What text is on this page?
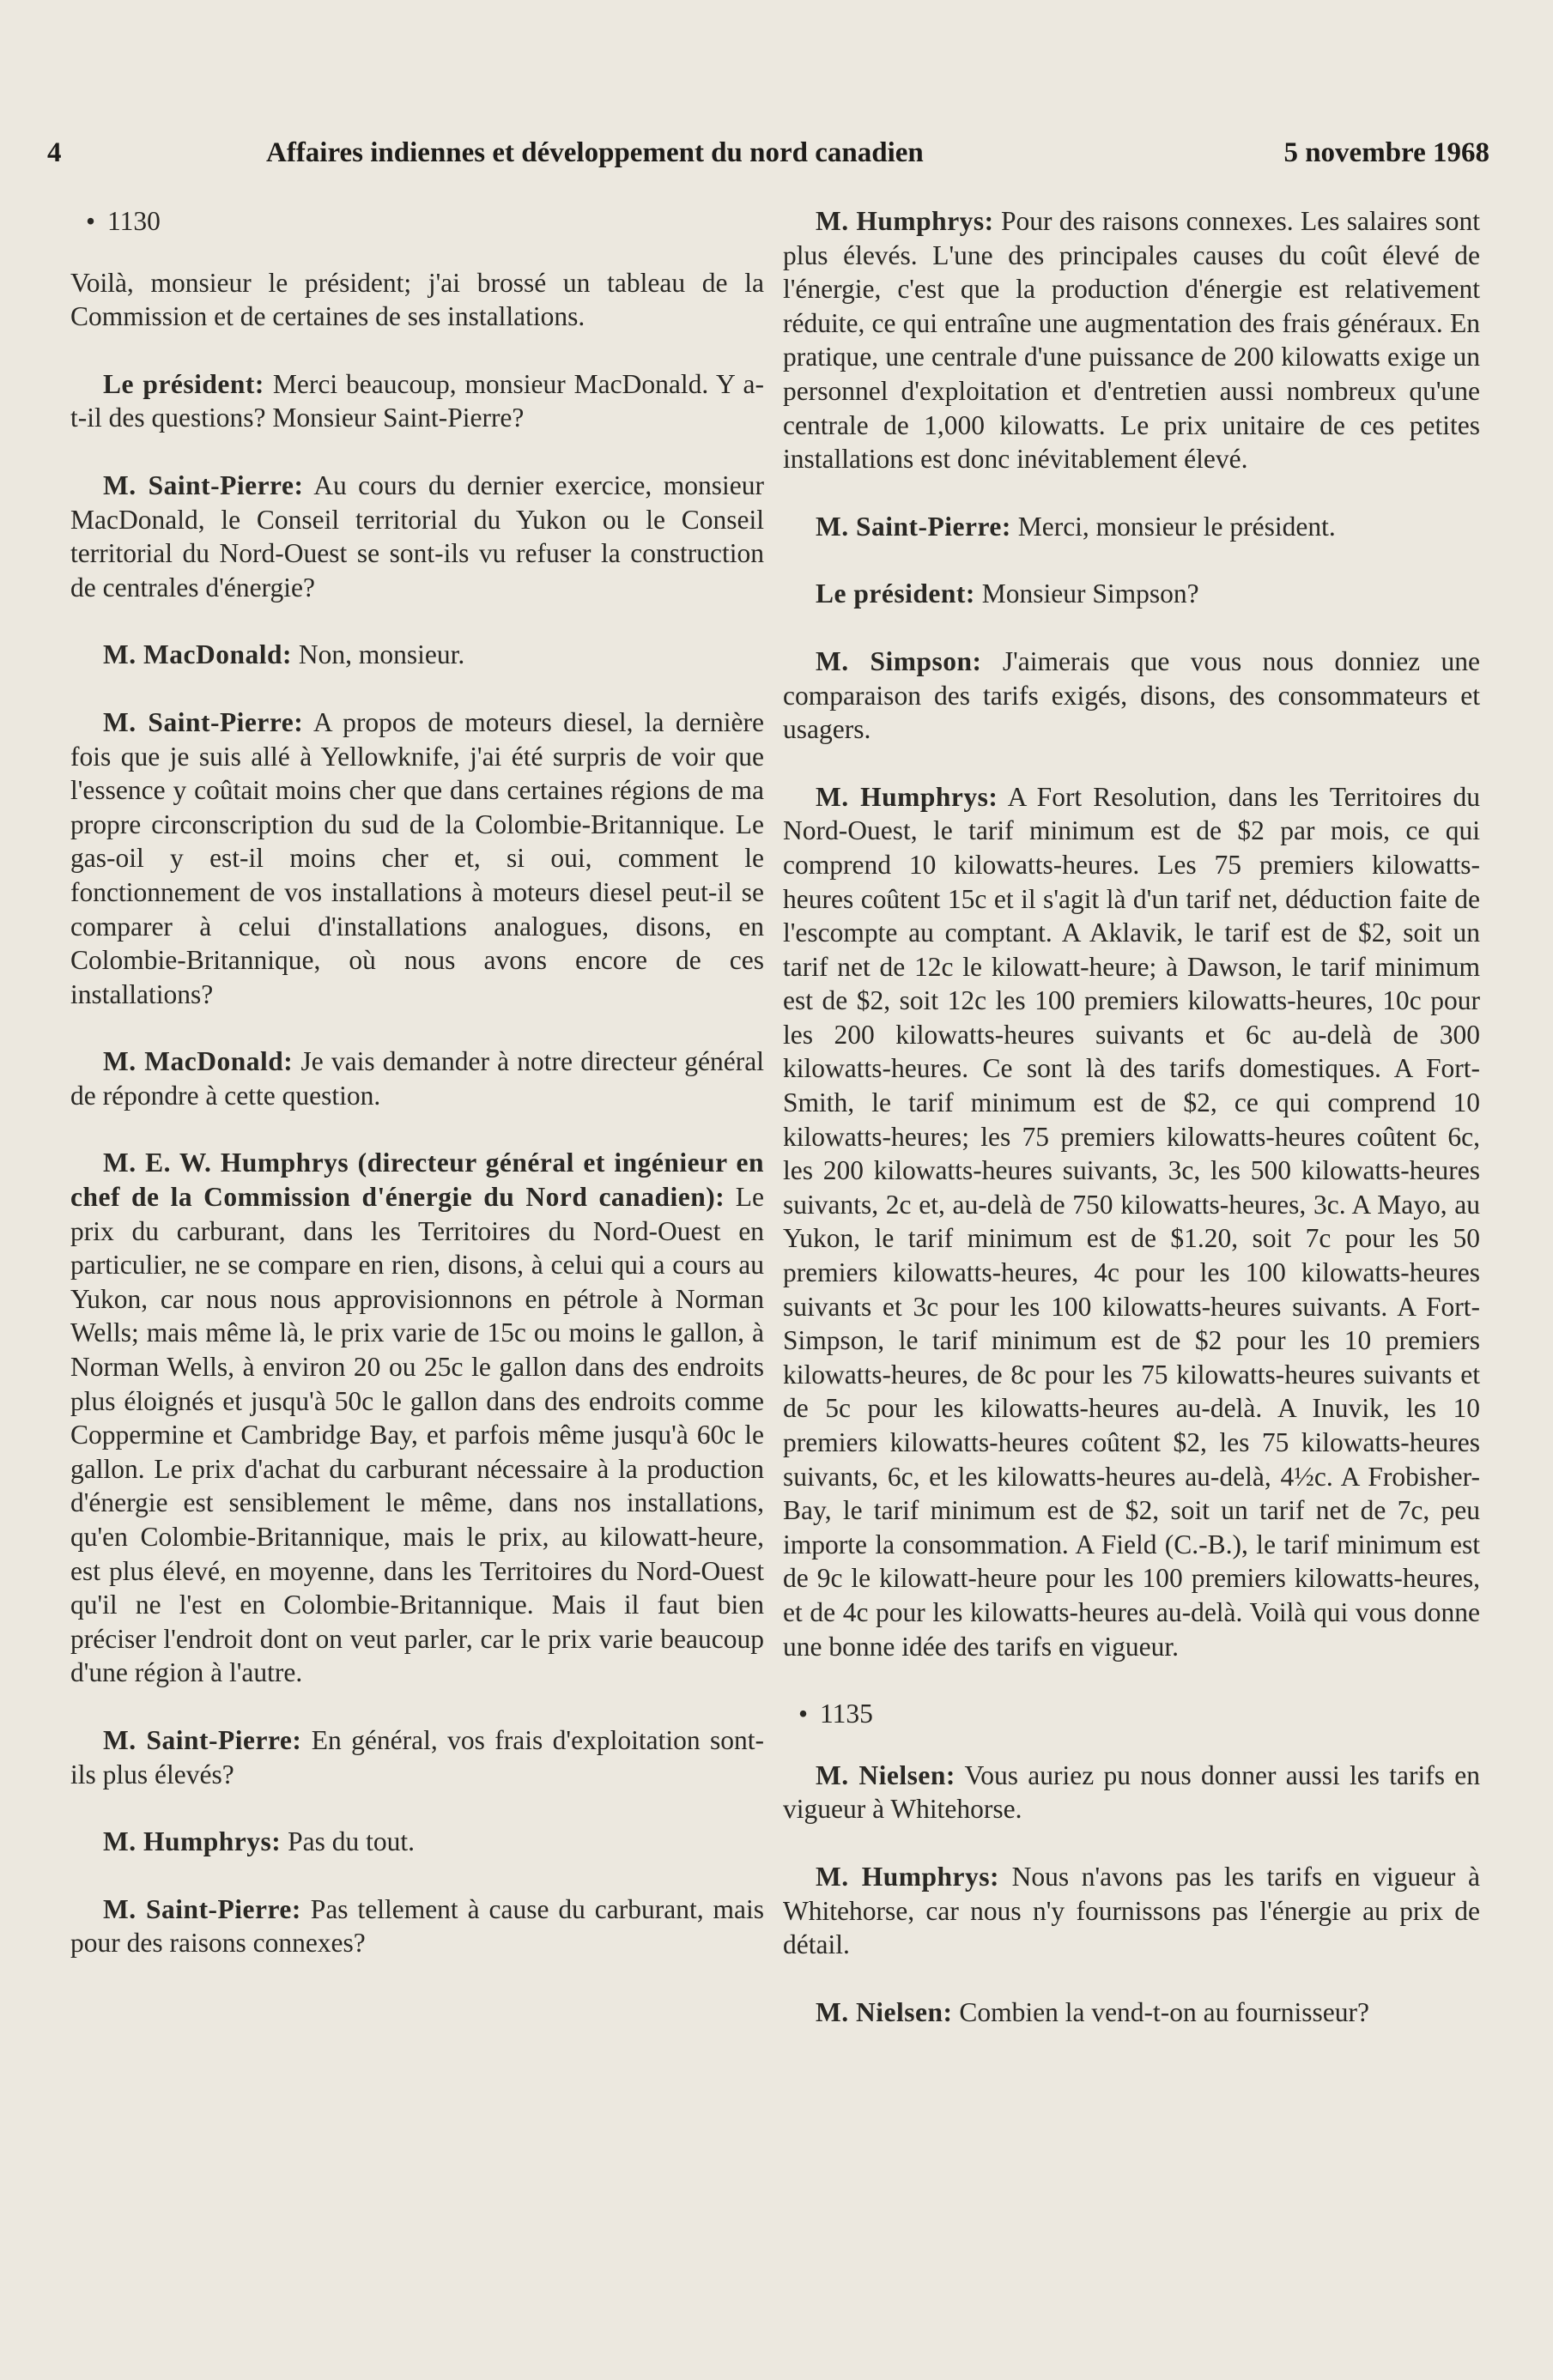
4	Affaires indiennes et développement du nord canadien	5 novembre 1968
• 1130

Voilà, monsieur le président; j'ai brossé un tableau de la Commission et de certaines de ses installations.

Le président: Merci beaucoup, monsieur MacDonald. Y a-t-il des questions? Monsieur Saint-Pierre?

M. Saint-Pierre: Au cours du dernier exercice, monsieur MacDonald, le Conseil territorial du Yukon ou le Conseil territorial du Nord-Ouest se sont-ils vu refuser la construction de centrales d'énergie?

M. MacDonald: Non, monsieur.

M. Saint-Pierre: A propos de moteurs diesel, la dernière fois que je suis allé à Yellowknife, j'ai été surpris de voir que l'essence y coûtait moins cher que dans certaines régions de ma propre circonscription du sud de la Colombie-Britannique. Le gas-oil y est-il moins cher et, si oui, comment le fonctionnement de vos installations à moteurs diesel peut-il se comparer à celui d'installations analogues, disons, en Colombie-Britannique, où nous avons encore de ces installations?

M. MacDonald: Je vais demander à notre directeur général de répondre à cette question.

M. E. W. Humphrys (directeur général et ingénieur en chef de la Commission d'énergie du Nord canadien): Le prix du carburant, dans les Territoires du Nord-Ouest en particulier, ne se compare en rien, disons, à celui qui a cours au Yukon, car nous nous approvisionnons en pétrole à Norman Wells; mais même là, le prix varie de 15c ou moins le gallon, à Norman Wells, à environ 20 ou 25c le gallon dans des endroits plus éloignés et jusqu'à 50c le gallon dans des endroits comme Coppermine et Cambridge Bay, et parfois même jusqu'à 60c le gallon. Le prix d'achat du carburant nécessaire à la production d'énergie est sensiblement le même, dans nos installations, qu'en Colombie-Britannique, mais le prix, au kilowatt-heure, est plus élevé, en moyenne, dans les Territoires du Nord-Ouest qu'il ne l'est en Colombie-Britannique. Mais il faut bien préciser l'endroit dont on veut parler, car le prix varie beaucoup d'une région à l'autre.

M. Saint-Pierre: En général, vos frais d'exploitation sont-ils plus élevés?

M. Humphrys: Pas du tout.

M. Saint-Pierre: Pas tellement à cause du carburant, mais pour des raisons connexes?

M. Humphrys: Pour des raisons connexes. Les salaires sont plus élevés. L'une des principales causes du coût élevé de l'énergie, c'est que la production d'énergie est relativement réduite, ce qui entraîne une augmentation des frais généraux. En pratique, une centrale d'une puissance de 200 kilowatts exige un personnel d'exploitation et d'entretien aussi nombreux qu'une centrale de 1,000 kilowatts. Le prix unitaire de ces petites installations est donc inévitablement élevé.

M. Saint-Pierre: Merci, monsieur le président.

Le président: Monsieur Simpson?

M. Simpson: J'aimerais que vous nous donniez une comparaison des tarifs exigés, disons, des consommateurs et usagers.

M. Humphrys: A Fort Resolution, dans les Territoires du Nord-Ouest, le tarif minimum est de $2 par mois, ce qui comprend 10 kilowatts-heures. Les 75 premiers kilowatts-heures coûtent 15c et il s'agit là d'un tarif net, déduction faite de l'escompte au comptant. A Aklavik, le tarif est de $2, soit un tarif net de 12c le kilowatt-heure; à Dawson, le tarif minimum est de $2, soit 12c les 100 premiers kilowatts-heures, 10c pour les 200 kilowatts-heures suivants et 6c au-delà de 300 kilowatts-heures. Ce sont là des tarifs domestiques. A Fort-Smith, le tarif minimum est de $2, ce qui comprend 10 kilowatts-heures; les 75 premiers kilowatts-heures coûtent 6c, les 200 kilowatts-heures suivants, 3c, les 500 kilowatts-heures suivants, 2c et, au-delà de 750 kilowatts-heures, 3c. A Mayo, au Yukon, le tarif minimum est de $1.20, soit 7c pour les 50 premiers kilowatts-heures, 4c pour les 100 kilowatts-heures suivants et 3c pour les 100 kilowatts-heures suivants. A Fort-Simpson, le tarif minimum est de $2 pour les 10 premiers kilowatts-heures, de 8c pour les 75 kilowatts-heures suivants et de 5c pour les kilowatts-heures au-delà. A Inuvik, les 10 premiers kilowatts-heures coûtent $2, les 75 kilowatts-heures suivants, 6c, et les kilowatts-heures au-delà, 4½c. A Frobisher-Bay, le tarif minimum est de $2, soit un tarif net de 7c, peu importe la consommation. A Field (C.-B.), le tarif minimum est de 9c le kilowatt-heure pour les 100 premiers kilowatts-heures, et de 4c pour les kilowatts-heures au-delà. Voilà qui vous donne une bonne idée des tarifs en vigueur.

• 1135

M. Nielsen: Vous auriez pu nous donner aussi les tarifs en vigueur à Whitehorse.

M. Humphrys: Nous n'avons pas les tarifs en vigueur à Whitehorse, car nous n'y fournissons pas l'énergie au prix de détail.

M. Nielsen: Combien la vend-t-on au fournisseur?
